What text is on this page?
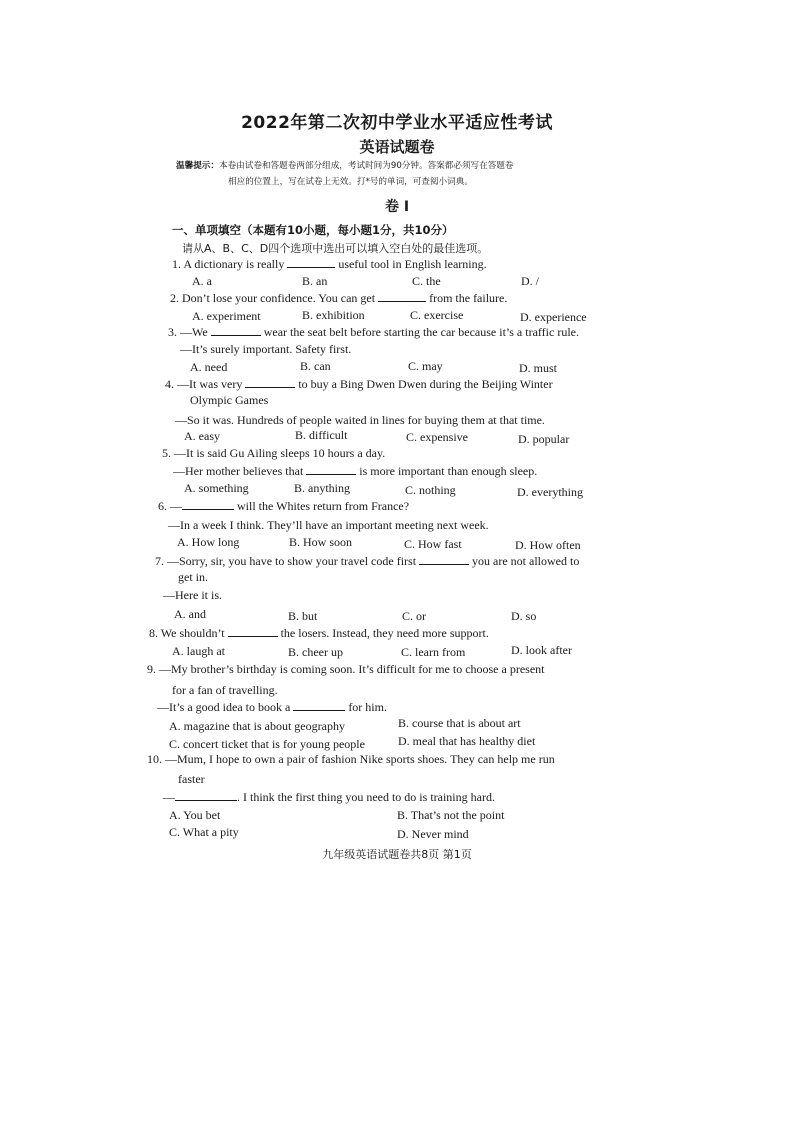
2022年第二次初中学业水平适应性考试
英语试题卷
温馨提示：本卷由试卷和答题卷两部分组成，考试时间为90分钟。答案都必须写在答题卷
相应的位置上，写在试卷上无效。打*号的单词，可查阅小词典。
卷 Ⅰ
一、单项填空（本题有10小题，每小题1分，共10分）
请从A、B、C、D四个选项中选出可以填入空白处的最佳选项。
1. A dictionary is really	useful tool in English learning.
A. a	B. an	C. the	D. /
2. Don’t lose your confidence. You can get	from the failure.
A. experiment	B. exhibition	C. exercise	D. experience
3. —We	wear the seat belt before starting the car because it’s a traffic rule.
—It’s surely important. Safety first.
A. need	B. can	C. may	D. must
4. —It was very	to buy a Bing Dwen Dwen during the Beijing Winter
Olympic Games
—So it was. Hundreds of people waited in lines for buying them at that time.
A. easy	B. difficult	C. expensive	D. popular
5. —It is said Gu Ailing sleeps 10 hours a day.
—Her mother believes that	is more important than enough sleep.
A. something	B. anything	C. nothing	D. everything
6. —	will the Whites return from France?
—In a week I think. They’ll have an important meeting next week.
A. How long	B. How soon	C. How fast	D. How often
7. —Sorry, sir, you have to show your travel code first	you are not allowed to
get in.
—Here it is.
A. and	B. but	C. or	D. so
8. We shouldn’t	the losers. Instead, they need more support.
A. laugh at	B. cheer up	C. learn from	D. look after
9. —My brother’s birthday is coming soon. It’s difficult for me to choose a present
for a fan of travelling.
—It’s a good idea to book a	for him.
A. magazine that is about geography	B. course that is about art
C. concert ticket that is for young people	D. meal that has healthy diet
10. —Mum, I hope to own a pair of fashion Nike sports shoes. They can help me run
faster
—	. I think the first thing you need to do is training hard.
A. You bet	B. That’s not the point
C. What a pity	D. Never mind
九年级英语试题卷共8页 第1页
